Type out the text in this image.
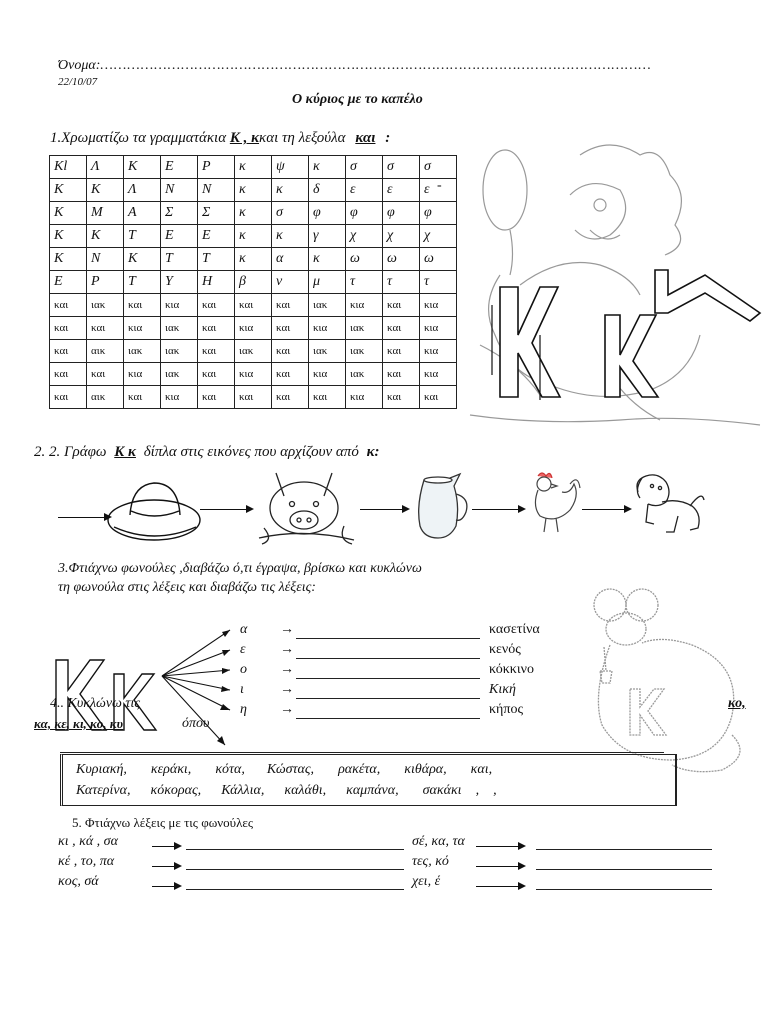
Όνομα:……………………………………………………………………………………………………………
22/10/07
Ο κύριος με το καπέλο
1.Χρωματίζω τα γραμματάκια Κ , κκαι τη λεξούλα και :
-
Kl	Λ	Κ	Ε	Ρ	κ	ψ	κ	σ	σ	σ
Κ	Κ	Λ	Ν	Ν	κ	κ	δ	ε	ε	ε
Κ	Μ	Α	Σ	Σ	κ	σ	φ	φ	φ	φ
Κ	Κ	Τ	Ε	Ε	κ	κ	γ	χ	χ	χ
Κ	Ν	Κ	Τ	Τ	κ	α	κ	ω	ω	ω
Ε	Ρ	Τ	Υ	Η	β	ν	μ	τ	τ	τ
και	ιακ	και	κια	και	και	και	ιακ	κια	και	κια
και	και	κια	ιακ	και	κια	και	κια	ιακ	και	κια
και	αικ	ιακ	ιακ	και	ιακ	και	ιακ	ιακ	και	κια
και	και	κια	ιακ	και	κια	και	κια	ιακ	και	κια
και	αικ	και	κια	και	και	και	και	κια	και	και
2. 2. Γράφω Κ κ δίπλα στις εικόνες που αρχίζουν από κ:
3.Φτιάχνω φωνούλες ,διαβάζω ό,τι έγραψα, βρίσκω και κυκλώνω
τη φωνούλα στις λέξεις και διαβάζω τις λέξεις:
α →	κασετίνα
ε →	κενός
ο →	κόκκινο
ι	→	Κική
η →	κήπος
4.. Κυκλώνω τις
κα, κε, κι, κο, κυ	όπου
κο,
Κυριακή, κεράκι, κότα, Κώστας, ρακέτα, κιθάρα, και,
Κατερίνα, κόκορας, Κάλλια, καλάθι, καμπάνα, σακάκι , ,
5. Φτιάχνω λέξεις με τις φωνούλες
κι , κά , σα	σέ, κα, τα
κέ , το, πα	τες, κό
κος, σά	χει, έ
